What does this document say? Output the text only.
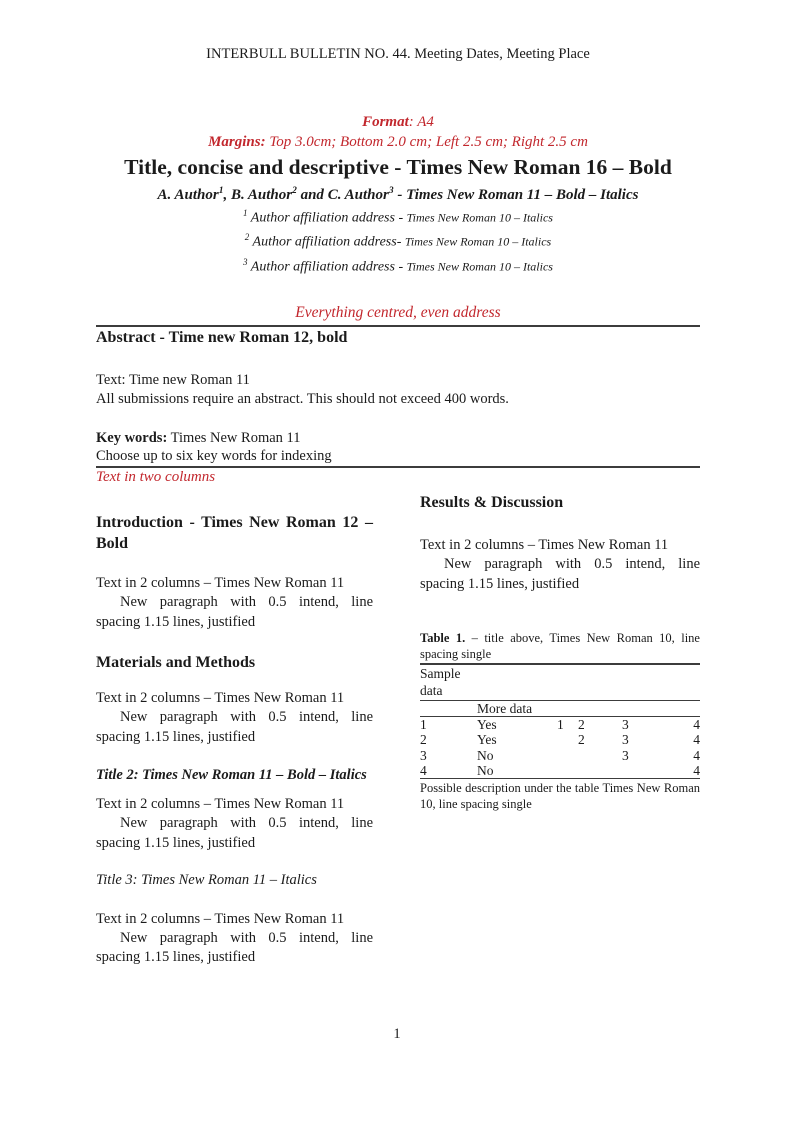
INTERBULL BULLETIN NO. 44. Meeting Dates, Meeting Place
Format: A4
Margins: Top 3.0cm; Bottom 2.0 cm; Left 2.5 cm; Right 2.5 cm
Title, concise and descriptive - Times New Roman 16 – Bold
A. Author$^1$, B. Author$^2$ and C. Author$^3$ - Times New Roman 11 – Bold – Italics
$^1$ Author affiliation address - Times New Roman 10 – Italics
$^2$ Author affiliation address- Times New Roman 10 – Italics
$^3$ Author affiliation address - Times New Roman 10 – Italics
Everything centred, even address
Abstract - Time new Roman 12, bold

Text: Time new Roman 11

All submissions require an abstract. This should not exceed 400 words.

Key words: Times New Roman 11

Choose up to six key words for indexing

Text in two columns
Introduction - Times New Roman 12 – Bold

Text in 2 columns – Times New Roman 11

New paragraph with 0.5 intend, line spacing 1.15 lines, justified

Materials and Methods

Text in 2 columns – Times New Roman 11

New paragraph with 0.5 intend, line spacing 1.15 lines, justified

Title 2: Times New Roman 11 – Bold – Italics

Text in 2 columns – Times New Roman 11

New paragraph with 0.5 intend, line spacing 1.15 lines, justified

Title 3: Times New Roman 11 – Italics

Text in 2 columns – Times New Roman 11

New paragraph with 0.5 intend, line spacing 1.15 lines, justified

Results & Discussion

Text in 2 columns – Times New Roman 11

New paragraph with 0.5 intend, line spacing 1.15 lines, justified

Table 1. – title above, Times New Roman 10, line spacing single

Sample
data					

	More data				
1	Yes	1	2	3	4
2	Yes		2	3	4
3	No			3	4
4	No				4

Possible description under the table Times New Roman 10, line spacing single

1
